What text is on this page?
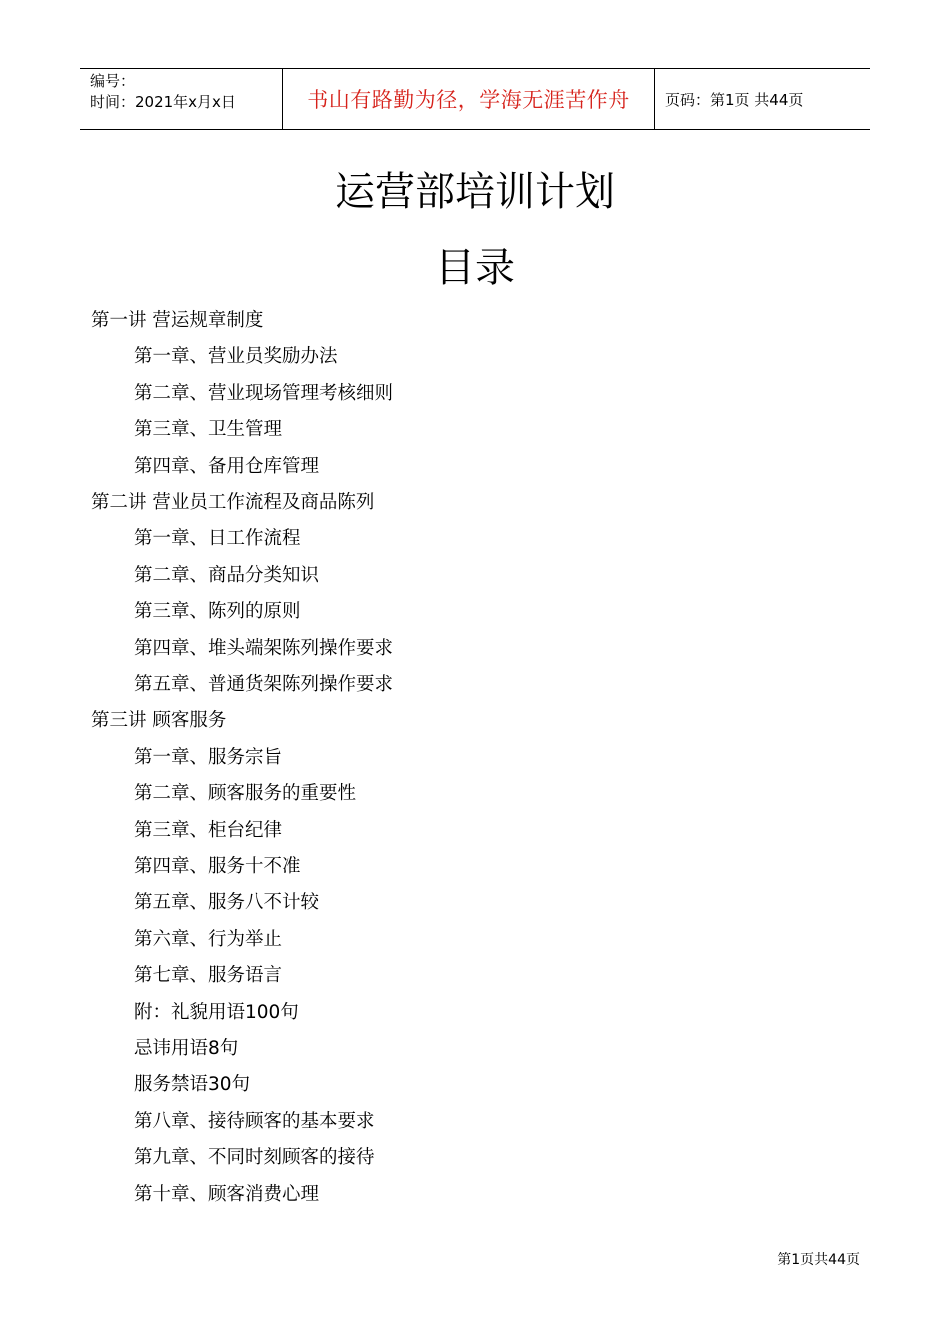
编号：
时间：2021年x月x日	书山有路勤为径，学海无涯苦作舟	页码：第1页 共44页
运营部培训计划
目录
第一讲 营运规章制度
第一章、营业员奖励办法
第二章、营业现场管理考核细则
第三章、卫生管理
第四章、备用仓库管理
第二讲 营业员工作流程及商品陈列
第一章、日工作流程
第二章、商品分类知识
第三章、陈列的原则
第四章、堆头端架陈列操作要求
第五章、普通货架陈列操作要求
第三讲 顾客服务
第一章、服务宗旨
第二章、顾客服务的重要性
第三章、柜台纪律
第四章、服务十不准
第五章、服务八不计较
第六章、行为举止
第七章、服务语言
附：礼貌用语100句
忌讳用语8句
服务禁语30句
第八章、接待顾客的基本要求
第九章、不同时刻顾客的接待
第十章、顾客消费心理
第1页共44页
